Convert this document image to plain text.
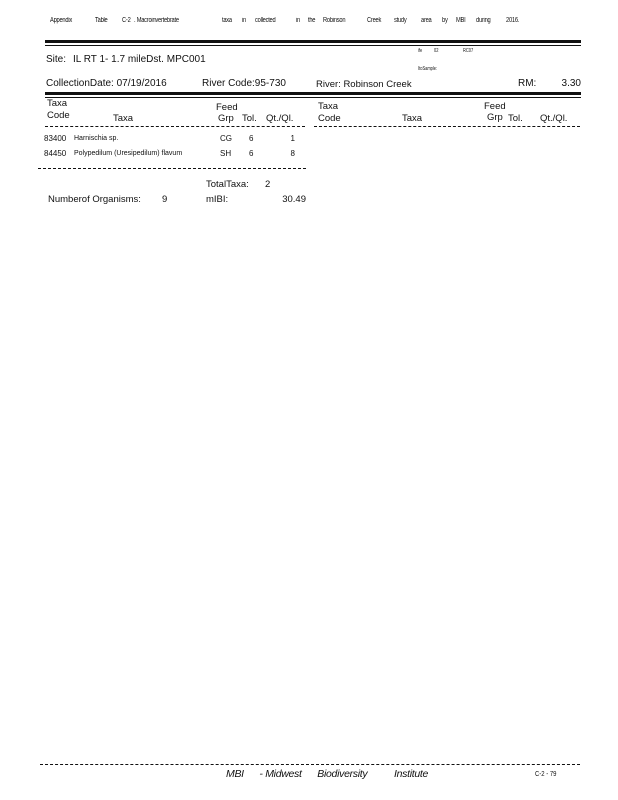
Appendix	Table C-2 . Macroinvertebrate	taxa in collected	in the Robinson	Creek study area by MBI during 2016.
ife 02	RC07
ItoSample:
Site: IL RT 1- 1.7 mileDst. MPC001
CollectionDate: 07/19/2016	River Code:95-730	River: Robinson Creek	RM:	3.30
Taxa
Code	Taxa
Feed
Grp Tol. Qt./Ql.
Taxa
Code	Taxa
Feed
Grp Tol. Qt./Ql.
83400 Harnischia sp.	CG 6	1
84450 Polypedilum (Uresipedilum) flavum	SH 6	8
TotalTaxa: 2
Numberof Organisms: 9	mIBI:	30.49
MBI - Midwest Biodiversity	Institute	C-2 - 79
